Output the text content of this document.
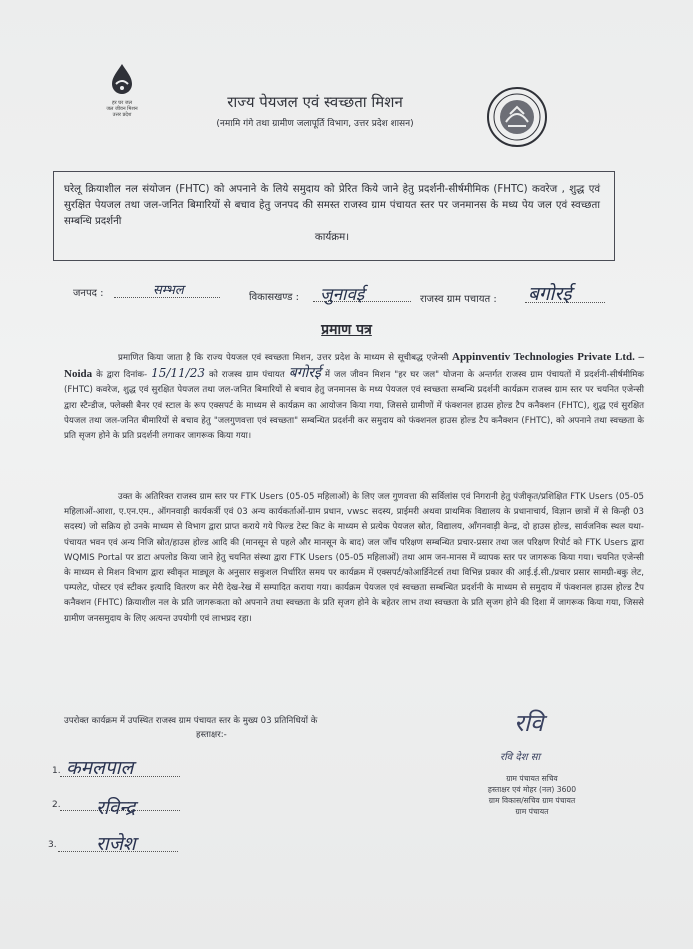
हर घर जल
जल जीवन मिशन
उत्तर प्रदेश
राज्य पेयजल एवं स्वच्छता मिशन
(नमामि गंगे तथा ग्रामीण जलापूर्ति विभाग, उत्तर प्रदेश शासन)
घरेलू क्रियाशील नल संयोजन (FHTC) को अपनाने के लिये समुदाय को प्रेरित किये जाने हेतु प्रदर्शनी-सीर्षमीमिक (FHTC) कवरेज , शुद्ध एवं सुरक्षित पेयजल तथा जल-जनित बिमारियों से बचाव हेतु जनपद की समस्त राजस्व ग्राम पंचायत स्तर पर जनमानस के मध्य पेय जल एवं स्वच्छता सम्बन्धि प्रदर्शनी
कार्यक्रम।
जनपद :	सम्भल	विकासखण्ड : जुनावई	राजस्व ग्राम पचायत : बगोरई
प्रमाण पत्र
प्रमाणित किया जाता है कि राज्य पेयजल एवं स्वच्छता मिशन, उत्तर प्रदेश के माध्यम से सूचीबद्ध एजेन्सी Appinventiv Technologies Private Ltd. – Noida के द्वारा दिनांक- 15/11/23 को राजस्व ग्राम पंचायत बगोरई में जल जीवन मिशन "हर घर जल" योजना के अन्तर्गत राजस्व ग्राम पंचायतों में प्रदर्शनी-सीर्षमीमिक (FHTC) कवरेज, शुद्ध एवं सुरक्षित पेयजल तथा जल-जनित बिमारियों से बचाव हेतु जनमानस के मध्य पेयजल एवं स्वच्छता सम्बन्धि प्रदर्शनी कार्यक्रम राजस्व ग्राम स्तर पर चयनित एजेन्सी द्वारा स्टैन्डीज, फ्लेक्सी बैनर एवं स्टाल के रूप एक्सपर्ट के माध्यम से कार्यक्रम का आयोजन किया गया, जिससे ग्रामीणों में फंक्शनल हाउस होल्ड टैप कनैक्शन (FHTC), शुद्ध एवं सुरक्षित पेयजल तथा जल-जनित बीमारियों से बचाव हेतु "जलगुणवत्ता एवं स्वच्छता" सम्बन्धित प्रदर्शनी कर समुदाय को फंक्शनल हाउस होल्ड टैप कनैक्शन (FHTC), को अपनाने तथा स्वच्छता के प्रति सृजग होने के प्रति प्रदर्शनी लगाकर जागरूक किया गया।
उक्त के अतिरिक्त राजस्व ग्राम स्तर पर FTK Users (05-05 महिलाओं) के लिए जल गुणवत्ता की सर्विलांस एवं निगरानी हेतु पंजीकृत/प्रशिक्षित FTK Users (05-05 महिलाओं-आशा, ए.एन.एम., ऑगनवाड़ी कार्यकर्त्री एवं 03 अन्य कार्यकर्ताओं-ग्राम प्रधान, vwsc सदस्य, प्राईमरी अथवा प्राथमिक विद्यालय के प्रधानाचार्य, विज्ञान छात्रों में से किन्ही 03 सदस्य) जो सक्रिय हो उनके माध्यम से विभाग द्वारा प्राप्त कराये गये फिल्ड टेस्ट किट के माध्यम से प्रत्येक पेयजल स्रोत, विद्यालय, आँगनवाड़ी केन्द्र, दो हाउस होल्ड, सार्वजनिक स्थल यथा-पंचायत भवन एवं अन्य निजि स्रोत/हाउस होल्ड आदि की (मानसून से पहले और मानसून के बाद) जल जाँच परिक्षण सम्बन्धित प्रचार-प्रसार तथा जल परिक्षण रिपोर्ट को FTK Users द्वारा WQMIS Portal पर डाटा अपलोड किया जाने हेतु चयनित संस्था द्वारा FTK Users (05-05 महिलाओं) तथा आम जन-मानस में व्यापक स्तर पर जागरूक किया गया। चयनित एजेन्सी के माध्यम से मिशन विभाग द्वारा स्वीकृत माड्यूल के अनुसार सकुशल निर्धारित समय पर कार्यक्रम में एक्सपर्ट/कोआर्डिनेटर्स तथा विभिन्न प्रकार की आई.ई.सी./प्रचार प्रसार सामग्री-बकु लेट, पम्पलेट, पोस्टर एवं स्टीकर इत्यादि वितरण कर मेरी देख-रेख में सम्पादित कराया गया। कार्यक्रम पेयजल एवं स्वच्छता सम्बन्धित प्रदर्शनी के माध्यम से समुदाय में फंक्शनल हाउस होल्ड टैप कनैक्शन (FHTC) क्रियाशील नल के प्रति जागरूकता को अपनाने तथा स्वच्छता के प्रति सृजग होने के बहेतर लाभ तथा स्वच्छता के प्रति सृजग होने की दिशा में जागरूक किया गया, जिससे ग्रामीण जनसमुदाय के लिए अत्यन्त उपयोगी एवं लाभप्रद रहा।
उपरोक्त कार्यक्रम में उपस्थित राजस्व ग्राम पंचायत स्तर के मुख्य 03 प्रतिनिधियों के
हस्ताक्षर:-
1. कमलपाल
2. रविन्द्र
3. राजेश
रवि
रवि देश सा
ग्राम पंचायत सचिव
हस्ताक्षर एवं मोहर (नल) 3600
ग्राम विकास/सचिव ग्राम पंचायत
ग्राम पंचायत
